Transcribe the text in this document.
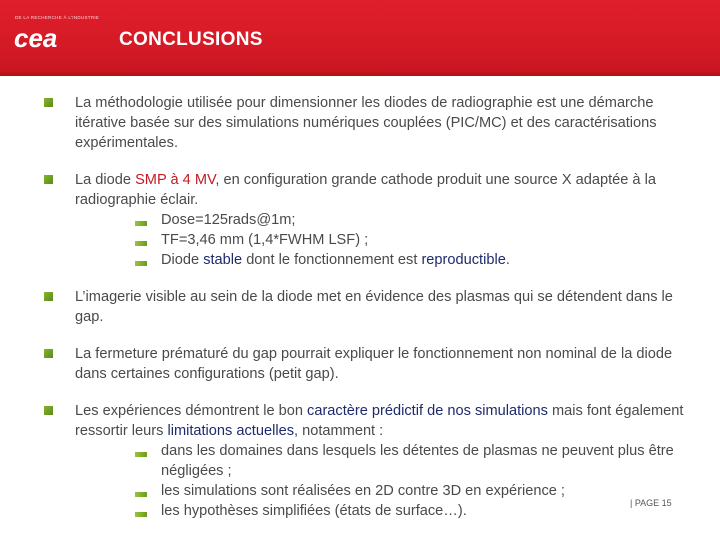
DE LA RECHERCHE À L’INDUSTRIE
cea	CONCLUSIONS
La méthodologie utilisée pour dimensionner les diodes de radiographie est une démarche itérative basée sur des simulations numériques couplées (PIC/MC) et des caractérisations expérimentales.
La diode SMP à 4 MV, en configuration grande cathode produit une source X adaptée à la radiographie éclair.
Dose=125rads@1m;
TF=3,46 mm (1,4*FWHM LSF) ;
Diode stable dont le fonctionnement est reproductible.
L’imagerie visible au sein de la diode met en évidence des plasmas qui se détendent dans le gap.
La fermeture prématuré du gap pourrait expliquer le fonctionnement non nominal de la diode dans certaines configurations (petit gap).
Les expériences démontrent le bon caractère prédictif de nos simulations mais font également ressortir leurs limitations actuelles, notamment :
dans les domaines dans lesquels les détentes de plasmas ne peuvent plus être négligées ;
les simulations sont réalisées en 2D contre 3D en expérience ;
les hypothèses simplifiées (états de surface…).	| PAGE 15
